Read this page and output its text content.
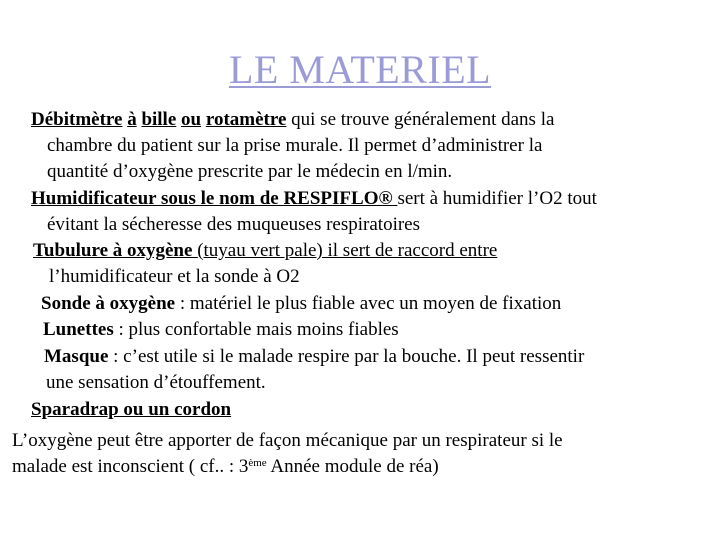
LE MATERIEL
Débitmètre à bille ou rotamètre qui se trouve généralement dans la
chambre du patient sur la prise murale. Il permet d’administrer la
quantité d’oxygène prescrite par le médecin en l/min.
Humidificateur sous le nom de RESPIFLO® sert à humidifier l’O2 tout
évitant la sécheresse des muqueuses respiratoires
Tubulure à oxygène (tuyau vert pale) il sert de raccord entre
l’humidificateur et la sonde à O2
Sonde à oxygène : matériel le plus fiable avec un moyen de fixation
Lunettes : plus confortable mais moins fiables
Masque : c’est utile si le malade respire par la bouche. Il peut ressentir
une sensation d’étouffement.
Sparadrap ou un cordon
L’oxygène peut être apporter de façon mécanique par un respirateur si le
malade est inconscient ( cf.. : 3ème Année module de réa)
